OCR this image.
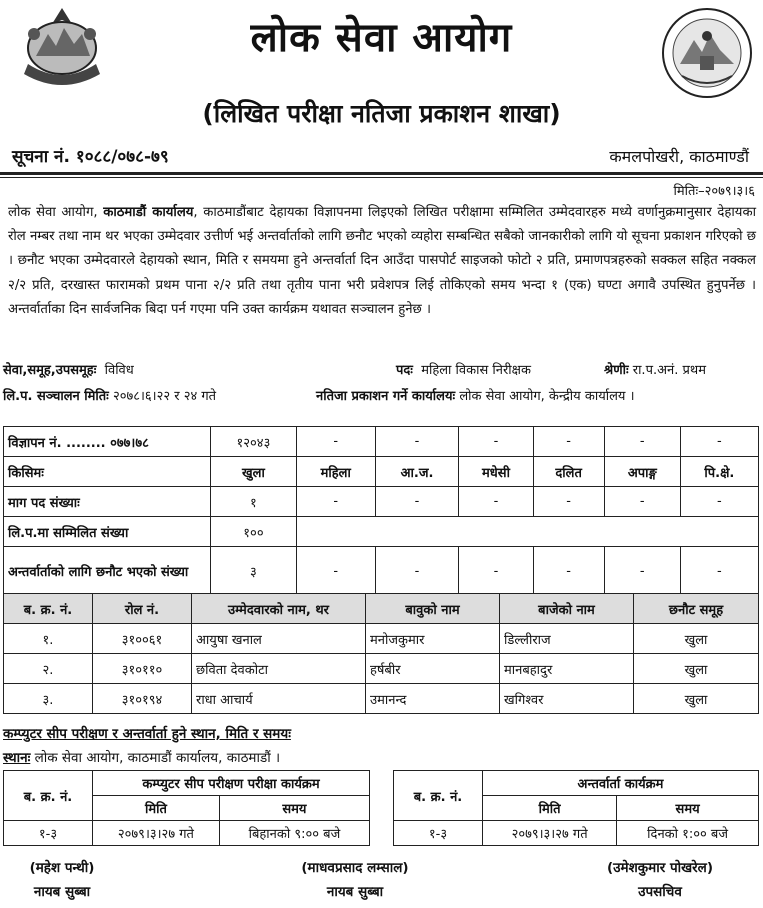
लोक सेवा आयोग
(लिखित परीक्षा नतिजा प्रकाशन शाखा)
सूचना नं. १०८८/०७८-७९	कमलपोखरी, काठमाण्डौं
मितिः–२०७९।३।६
लोक सेवा आयोग, काठमाडौं कार्यालय, काठमाडौंबाट देहायका विज्ञापनमा लिइएको लिखित परीक्षामा सम्मिलित उम्मेदवारहरु मध्ये वर्णानुक्रमानुसार देहायका रोल नम्बर तथा नाम थर भएका उम्मेदवार उत्तीर्ण भई अन्तर्वार्ताको लागि छनौट भएको व्यहोरा सम्बन्धित सबैको जानकारीको लागि यो सूचना प्रकाशन गरिएको छ । छनौट भएका उम्मेदवारले देहायको स्थान, मिति र समयमा हुने अन्तर्वार्ता दिन आउँदा पासपोर्ट साइजको फोटो २ प्रति, प्रमाणपत्रहरुको सक्कल सहित नक्कल २/२ प्रति, दरखास्त फारामको प्रथम पाना २/२ प्रति तथा तृतीय पाना भरी प्रवेशपत्र लिई तोकिएको समय भन्दा १ (एक) घण्टा अगावै उपस्थित हुनुपर्नेछ । अन्तर्वार्ताका दिन सार्वजनिक बिदा पर्न गएमा पनि उक्त कार्यक्रम यथावत सञ्चालन हुनेछ ।
सेवा,समूह,उपसमूहः विविध	पदः महिला विकास निरीक्षक	श्रेणीः रा.प.अनं. प्रथम
लि.प. सञ्चालन मितिः २०७८।६।२२ र २४ गते	नतिजा प्रकाशन गर्ने कार्यालयः लोक सेवा आयोग, केन्द्रीय कार्यालय ।
विज्ञापन नं. ........ ०७७।७८	१२०४३	-	-	-	-	-	-
किसिमः	खुला	महिला	आ.ज.	मधेसी	दलित	अपाङ्ग	पि.क्षे.
माग पद संख्याः	१	-	-	-	-	-	-
लि.प.मा सम्मिलित संख्या	१००						
अन्तर्वार्ताको लागि छनौट भएको संख्या	३	-	-	-	-	-	-
ब. क्र. नं.	रोल नं.	उम्मेदवारको नाम, थर	बावुको नाम	बाजेको नाम	छनौट समूह
१.	३१००६१	आयुषा खनाल	मनोजकुमार	डिल्लीराज	खुला
२.	३१०११०	छविता देवकोटा	हर्षबीर	मानबहादुर	खुला
३.	३१०१९४	राधा आचार्य	उमानन्द	खगिश्वर	खुला
कम्प्युटर सीप परीक्षण र अन्तर्वार्ता हुने स्थान, मिति र समयः
स्थानः लोक सेवा आयोग, काठमाडौं कार्यालय, काठमाडौं ।
ब. क्र. नं.	कम्प्युटर सीप परीक्षण परीक्षा कार्यक्रम	
	मिति	समय
१-३	२०७९।३।२७ गते	बिहानको ९:०० बजे
ब. क्र. नं.	अन्तर्वार्ता कार्यक्रम	
	मिति	समय
१-३	२०७९।३।२७ गते	दिनको १:०० बजे
(महेश पन्थी)
नायब सुब्बा
(माधवप्रसाद लम्साल)
नायब सुब्बा
(उमेशकुमार पोखरेल)
उपसचिव
